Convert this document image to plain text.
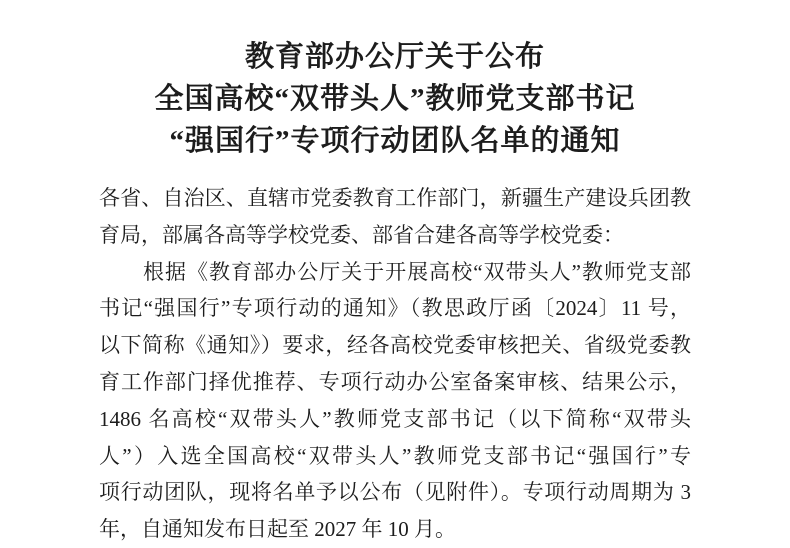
教育部办公厅关于公布
全国高校“双带头人”教师党支部书记
“强国行”专项行动团队名单的通知
各省、自治区、直辖市党委教育工作部门，新疆生产建设兵团教
育局，部属各高等学校党委、部省合建各高等学校党委：
根据《教育部办公厅关于开展高校“双带头人”教师党支部
书记“强国行”专项行动的通知》（教思政厅函〔2024〕11 号，
以下简称《通知》）要求，经各高校党委审核把关、省级党委教
育工作部门择优推荐、专项行动办公室备案审核、结果公示，
1486 名高校“双带头人”教师党支部书记（以下简称“双带头
人”）入选全国高校“双带头人”教师党支部书记“强国行”专
项行动团队，现将名单予以公布（见附件）。专项行动周期为 3
年，自通知发布日起至 2027 年 10 月。
